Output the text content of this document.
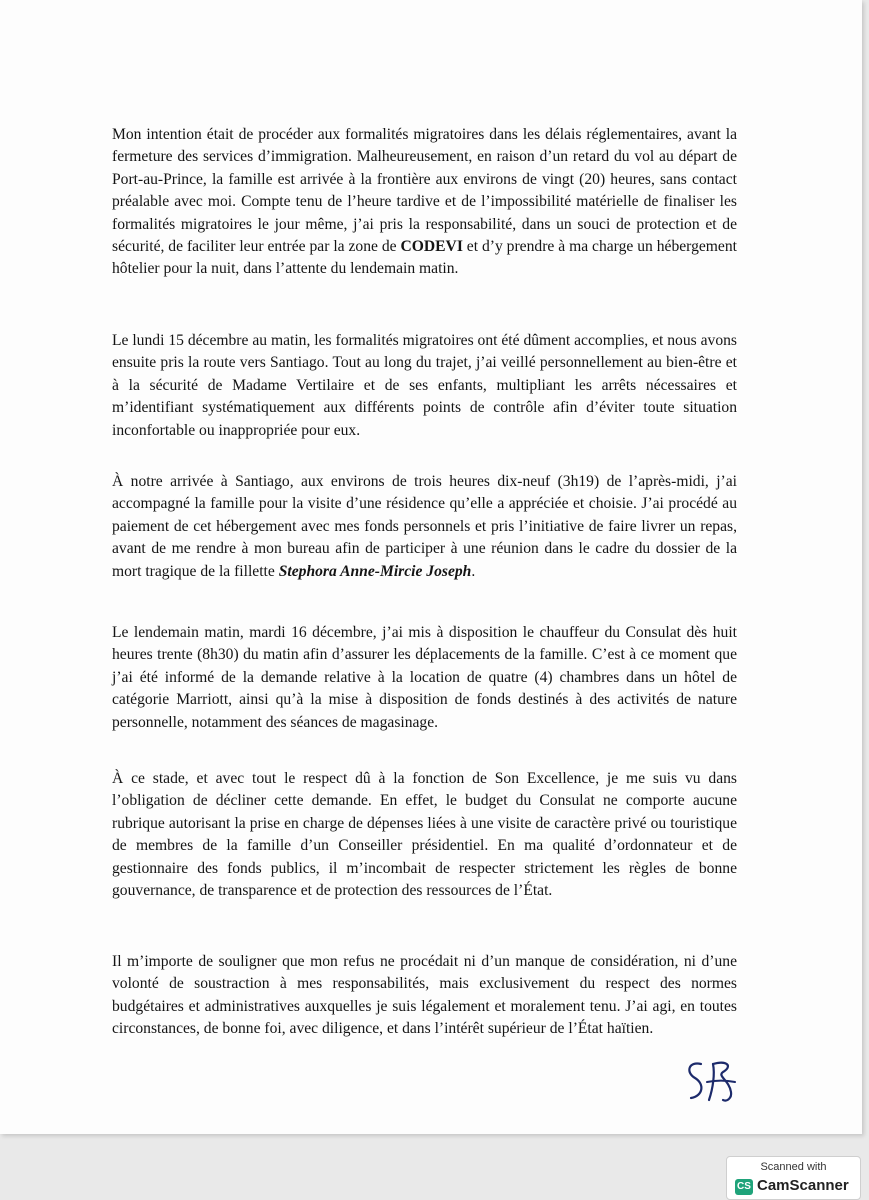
Mon intention était de procéder aux formalités migratoires dans les délais réglementaires, avant la fermeture des services d’immigration. Malheureusement, en raison d’un retard du vol au départ de Port-au-Prince, la famille est arrivée à la frontière aux environs de vingt (20) heures, sans contact préalable avec moi. Compte tenu de l’heure tardive et de l’impossibilité matérielle de finaliser les formalités migratoires le jour même, j’ai pris la responsabilité, dans un souci de protection et de sécurité, de faciliter leur entrée par la zone de CODEVI et d’y prendre à ma charge un hébergement hôtelier pour la nuit, dans l’attente du lendemain matin.

Le lundi 15 décembre au matin, les formalités migratoires ont été dûment accomplies, et nous avons ensuite pris la route vers Santiago. Tout au long du trajet, j’ai veillé personnellement au bien-être et à la sécurité de Madame Vertilaire et de ses enfants, multipliant les arrêts nécessaires et m’identifiant systématiquement aux différents points de contrôle afin d’éviter toute situation inconfortable ou inappropriée pour eux.

À notre arrivée à Santiago, aux environs de trois heures dix-neuf (3h19) de l’après-midi, j’ai accompagné la famille pour la visite d’une résidence qu’elle a appréciée et choisie. J’ai procédé au paiement de cet hébergement avec mes fonds personnels et pris l’initiative de faire livrer un repas, avant de me rendre à mon bureau afin de participer à une réunion dans le cadre du dossier de la mort tragique de la fillette Stephora Anne-Mircie Joseph.

Le lendemain matin, mardi 16 décembre, j’ai mis à disposition le chauffeur du Consulat dès huit heures trente (8h30) du matin afin d’assurer les déplacements de la famille. C’est à ce moment que j’ai été informé de la demande relative à la location de quatre (4) chambres dans un hôtel de catégorie Marriott, ainsi qu’à la mise à disposition de fonds destinés à des activités de nature personnelle, notamment des séances de magasinage.

À ce stade, et avec tout le respect dû à la fonction de Son Excellence, je me suis vu dans l’obligation de décliner cette demande. En effet, le budget du Consulat ne comporte aucune rubrique autorisant la prise en charge de dépenses liées à une visite de caractère privé ou touristique de membres de la famille d’un Conseiller présidentiel. En ma qualité d’ordonnateur et de gestionnaire des fonds publics, il m’incombait de respecter strictement les règles de bonne gouvernance, de transparence et de protection des ressources de l’État.

Il m’importe de souligner que mon refus ne procédait ni d’un manque de considération, ni d’une volonté de soustraction à mes responsabilités, mais exclusivement du respect des normes budgétaires et administratives auxquelles je suis légalement et moralement tenu. J’ai agi, en toutes circonstances, de bonne foi, avec diligence, et dans l’intérêt supérieur de l’État haïtien.

Scanned with
CS CamScanner
